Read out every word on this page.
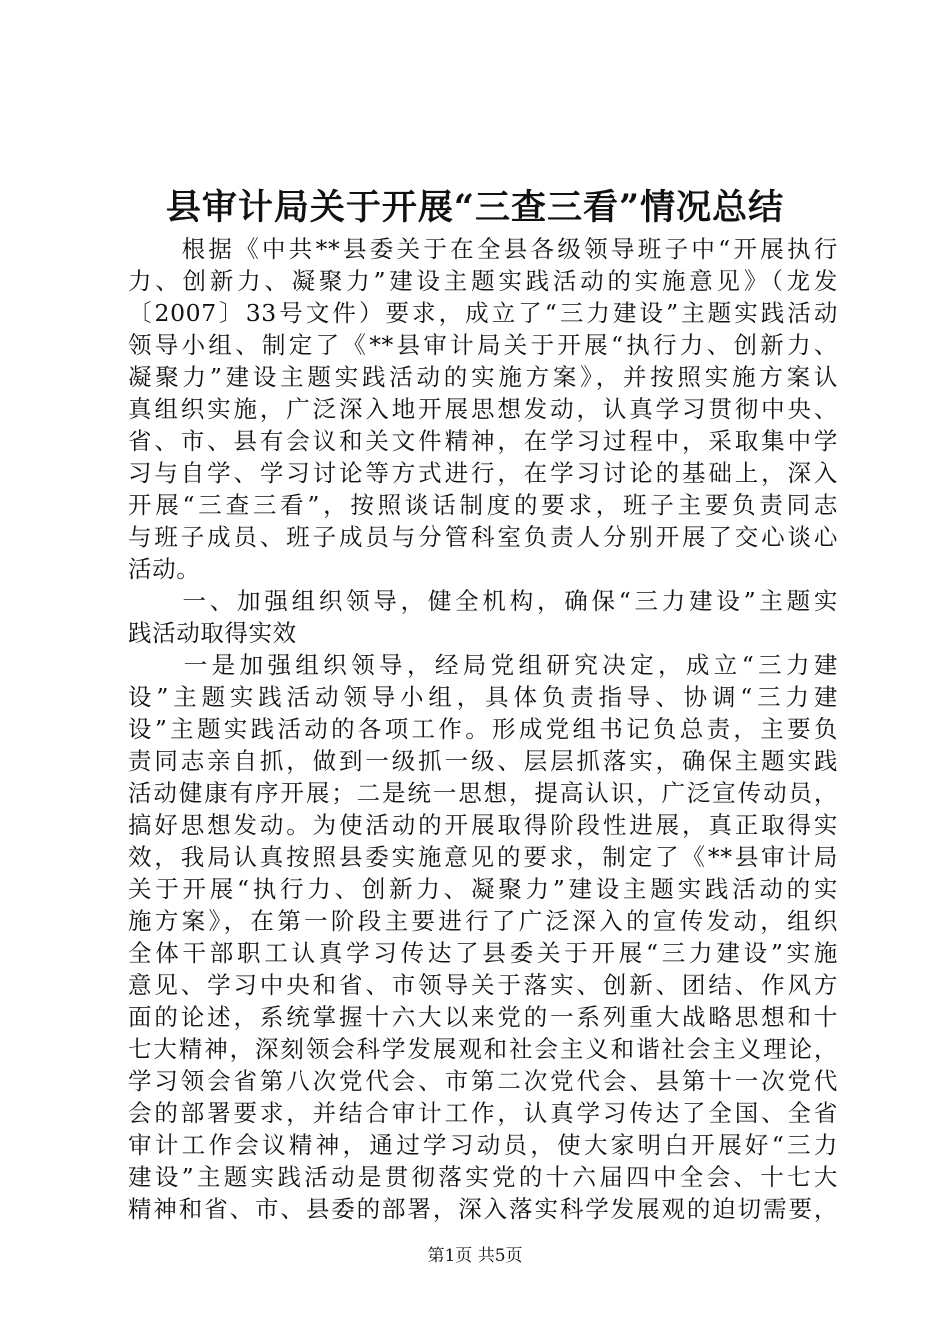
县审计局关于开展“三查三看”情况总结
　　根据《中共**县委关于在全县各级领导班子中“开展执行
力、创新力、凝聚力”建设主题实践活动的实施意见》（龙发
〔2007〕33号文件）要求，成立了“三力建设”主题实践活动
领导小组、制定了《**县审计局关于开展“执行力、创新力、
凝聚力”建设主题实践活动的实施方案》，并按照实施方案认
真组织实施，广泛深入地开展思想发动，认真学习贯彻中央、
省、市、县有会议和关文件精神，在学习过程中，采取集中学
习与自学、学习讨论等方式进行，在学习讨论的基础上，深入
开展“三查三看”，按照谈话制度的要求，班子主要负责同志
与班子成员、班子成员与分管科室负责人分别开展了交心谈心
活动。
　　一、加强组织领导，健全机构，确保“三力建设”主题实
践活动取得实效
　　一是加强组织领导，经局党组研究决定，成立“三力建
设”主题实践活动领导小组，具体负责指导、协调“三力建
设”主题实践活动的各项工作。形成党组书记负总责，主要负
责同志亲自抓，做到一级抓一级、层层抓落实，确保主题实践
活动健康有序开展；二是统一思想，提高认识，广泛宣传动员，
搞好思想发动。为使活动的开展取得阶段性进展，真正取得实
效，我局认真按照县委实施意见的要求，制定了《**县审计局
关于开展“执行力、创新力、凝聚力”建设主题实践活动的实
施方案》，在第一阶段主要进行了广泛深入的宣传发动，组织
全体干部职工认真学习传达了县委关于开展“三力建设”实施
意见、学习中央和省、市领导关于落实、创新、团结、作风方
面的论述，系统掌握十六大以来党的一系列重大战略思想和十
七大精神，深刻领会科学发展观和社会主义和谐社会主义理论，
学习领会省第八次党代会、市第二次党代会、县第十一次党代
会的部署要求，并结合审计工作，认真学习传达了全国、全省
审计工作会议精神，通过学习动员，使大家明白开展好“三力
建设”主题实践活动是贯彻落实党的十六届四中全会、十七大
精神和省、市、县委的部署，深入落实科学发展观的迫切需要，
第1页 共5页
